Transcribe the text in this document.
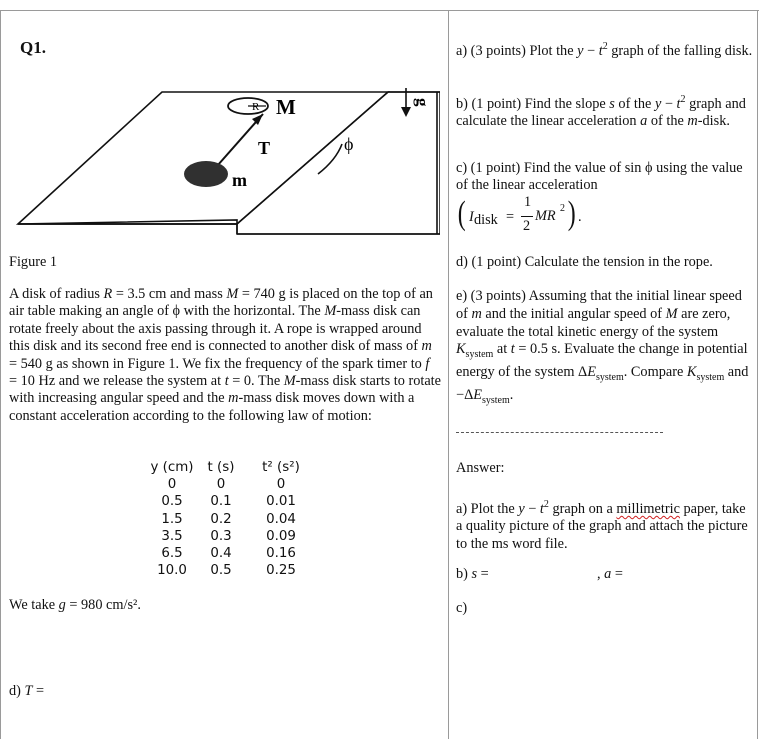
Q1.
R M
T
m
ϕ
g
Figure 1
A disk of radius R = 3.5 cm and mass M = 740 g is placed on the top of an air table making an angle of ϕ with the horizontal. The M-mass disk can rotate freely about the axis passing through it. A rope is wrapped around this disk and its second free end is connected to another disk of mass of m = 540 g as shown in Figure 1. We fix the frequency of the spark timer to f = 10 Hz and we release the system at t = 0. The M-mass disk starts to rotate with increasing angular speed and the m-mass disk moves down with a constant acceleration according to the following law of motion:
y (cm)
0
0.5
1.5
3.5
6.5
10.0
t (s)
0
0.1
0.2
0.3
0.4
0.5
t² (s²)
0
0.01
0.04
0.09
0.16
0.25
We take g = 980 cm/s².
d) T =
a) (3 points) Plot the $y - t^2$ graph of the falling disk.
b) (1 point) Find the slope s of the $y - t^2$ graph and calculate the linear acceleration a of the m-disk.
c) (1 point) Find the value of sin ϕ using the value of the linear acceleration
( I disk =
1
2
MR 2 ) .
d) (1 point) Calculate the tension in the rope.
e) (3 points) Assuming that the initial linear speed of m and the initial angular speed of M are zero, evaluate the total kinetic energy of the system $K_{system}$ at t = 0.5 s. Evaluate the change in potential energy of the system $\Delta E_{system}$. Compare $K_{system}$ and $-\Delta E_{system}$.
Answer:
a) Plot the $y - t^2$ graph on a millimetric paper, take a quality picture of the graph and attach the picture to the ms word file.
b) s =	, a =
c)
